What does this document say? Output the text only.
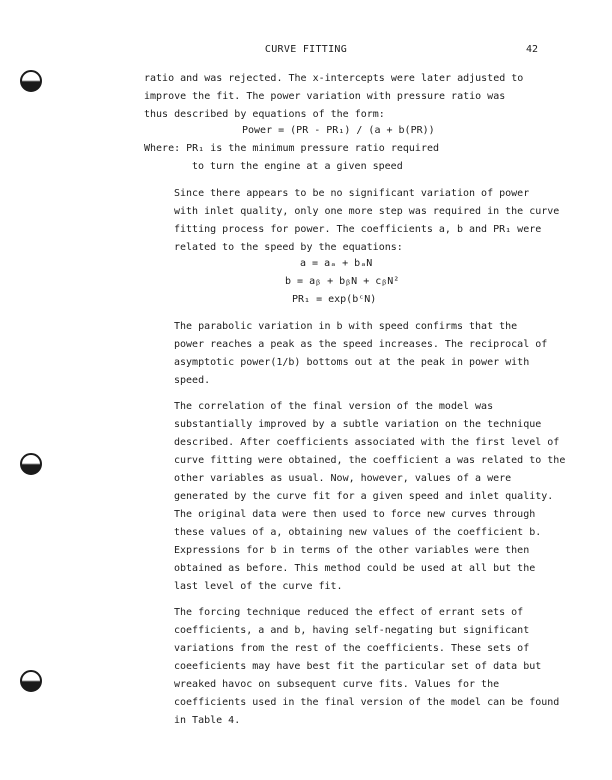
CURVE FITTING	42
ratio and was rejected. The x-intercepts were later adjusted to
improve the fit. The power variation with pressure ratio was
thus described by equations of the form:
Power = (PR - PR₁) / (a + b(PR))
Where: PR₁ is the minimum pressure ratio required
to turn the engine at a given speed
Since there appears to be no significant variation of power
with inlet quality, only one more step was required in the curve
fitting process for power. The coefficients a, b and PR₁ were
related to the speed by the equations:
a = aₐ + bₐN
b = aᵦ + bᵦN + cᵦN²
PR₁ = exp(bᶜN)
The parabolic variation in b with speed confirms that the
power reaches a peak as the speed increases. The reciprocal of
asymptotic power(1/b) bottoms out at the peak in power with
speed.
The correlation of the final version of the model was
substantially improved by a subtle variation on the technique
described. After coefficients associated with the first level of
curve fitting were obtained, the coefficient a was related to the
other variables as usual. Now, however, values of a were
generated by the curve fit for a given speed and inlet quality.
The original data were then used to force new curves through
these values of a, obtaining new values of the coefficient b.
Expressions for b in terms of the other variables were then
obtained as before. This method could be used at all but the
last level of the curve fit.
The forcing technique reduced the effect of errant sets of
coefficients, a and b, having self-negating but significant
variations from the rest of the coefficients. These sets of
coeeficients may have best fit the particular set of data but
wreaked havoc on subsequent curve fits. Values for the
coefficients used in the final version of the model can be found
in Table 4.
